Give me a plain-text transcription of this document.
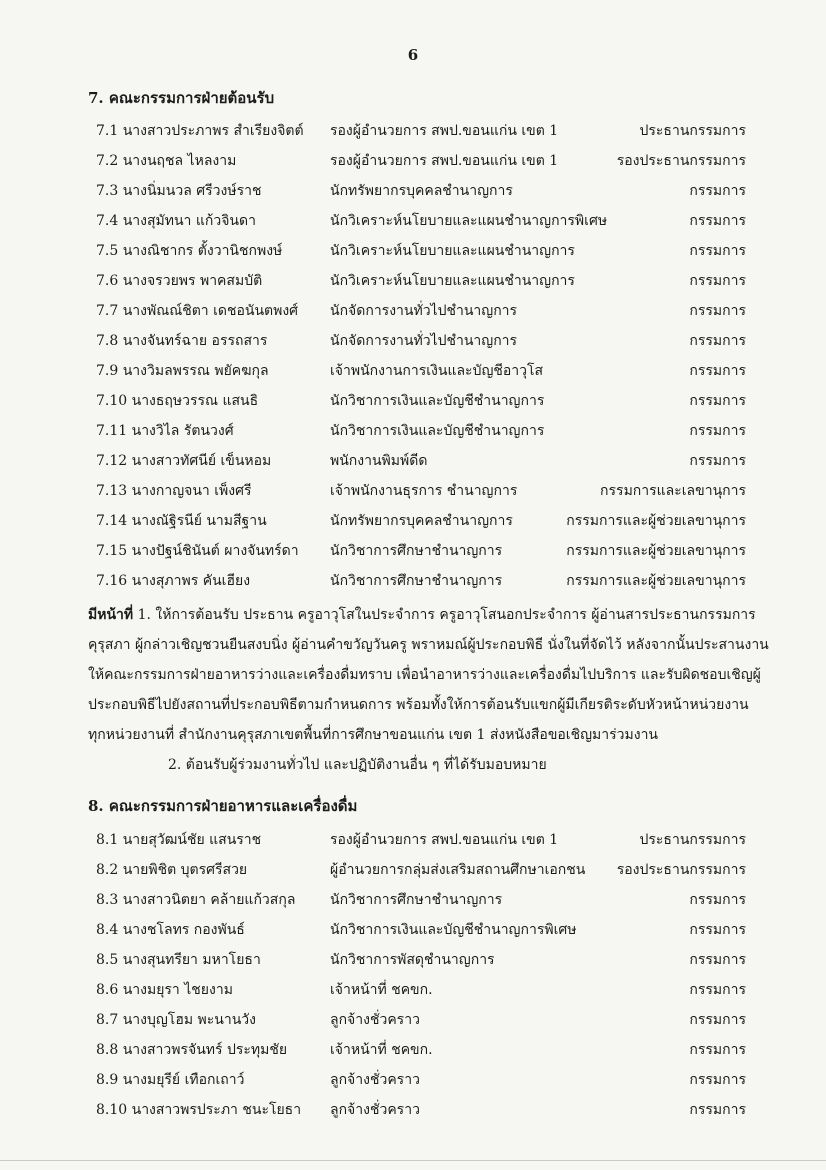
6
7. คณะกรรมการฝ่ายต้อนรับ
7.1 นางสาวประภาพร สำเรียงจิตต์ รองผู้อำนวยการ สพป.ขอนแก่น เขต 1	ประธานกรรมการ
7.2 นางนฤชล ไหลงาม	รองผู้อำนวยการ สพป.ขอนแก่น เขต 1	รองประธานกรรมการ
7.3 นางนิ่มนวล ศรีวงษ์ราช	นักทรัพยากรบุคคลชำนาญการ	กรรมการ
7.4 นางสุมัทนา แก้วจินดา	นักวิเคราะห์นโยบายและแผนชำนาญการพิเศษ	กรรมการ
7.5 นางณิชากร ตั้งวานิชกพงษ์	นักวิเคราะห์นโยบายและแผนชำนาญการ	กรรมการ
7.6 นางจรวยพร พาคสมบัติ	นักวิเคราะห์นโยบายและแผนชำนาญการ	กรรมการ
7.7 นางพัณณ์ชิตา เดชอนันตพงศ์ นักจัดการงานทั่วไปชำนาญการ	กรรมการ
7.8 นางจันทร์ฉาย อรรถสาร	นักจัดการงานทั่วไปชำนาญการ	กรรมการ
7.9 นางวิมลพรรณ พยัคฆกุล	เจ้าพนักงานการเงินและบัญชีอาวุโส	กรรมการ
7.10 นางธฤษวรรณ แสนธิ	นักวิชาการเงินและบัญชีชำนาญการ	กรรมการ
7.11 นางวิไล รัตนวงศ์	นักวิชาการเงินและบัญชีชำนาญการ	กรรมการ
7.12 นางสาวทัศนีย์ เข็นหอม	พนักงานพิมพ์ดีด	กรรมการ
7.13 นางกาญจนา เพ็งศรี	เจ้าพนักงานธุรการ ชำนาญการ	กรรมการและเลขานุการ
7.14 นางณัฐิรนีย์ นามสีฐาน	นักทรัพยากรบุคคลชำนาญการ	กรรมการและผู้ช่วยเลขานุการ
7.15 นางปัฐน์ชินันต์ ผางจันทร์ดา นักวิชาการศึกษาชำนาญการ	กรรมการและผู้ช่วยเลขานุการ
7.16 นางสุภาพร คันเฮียง	นักวิชาการศึกษาชำนาญการ	กรรมการและผู้ช่วยเลขานุการ
มีหน้าที่ 1. ให้การต้อนรับ ประธาน ครูอาวุโสในประจำการ ครูอาวุโสนอกประจำการ ผู้อ่านสารประธานกรรมการ
คุรุสภา ผู้กล่าวเชิญชวนยืนสงบนิ่ง ผู้อ่านคำขวัญวันครู พราหมณ์ผู้ประกอบพิธี นั่งในที่จัดไว้ หลังจากนั้นประสานงาน
ให้คณะกรรมการฝ่ายอาหารว่างและเครื่องดื่มทราบ เพื่อนำอาหารว่างและเครื่องดื่มไปบริการ และรับผิดชอบเชิญผู้
ประกอบพิธีไปยังสถานที่ประกอบพิธีตามกำหนดการ พร้อมทั้งให้การต้อนรับแขกผู้มีเกียรติระดับหัวหน้าหน่วยงาน
ทุกหน่วยงานที่ สำนักงานคุรุสภาเขตพื้นที่การศึกษาขอนแก่น เขต 1 ส่งหนังสือขอเชิญมาร่วมงาน
2. ต้อนรับผู้ร่วมงานทั่วไป และปฏิบัติงานอื่น ๆ ที่ได้รับมอบหมาย
8. คณะกรรมการฝ่ายอาหารและเครื่องดื่ม
8.1 นายสุวัฒน์ชัย แสนราช	รองผู้อำนวยการ สพป.ขอนแก่น เขต 1	ประธานกรรมการ
8.2 นายพิชิต บุตรศรีสวย	ผู้อำนวยการกลุ่มส่งเสริมสถานศึกษาเอกชน รองประธานกรรมการ
8.3 นางสาวนิตยา คล้ายแก้วสกุล นักวิชาการศึกษาชำนาญการ	กรรมการ
8.4 นางชโลทร กองพันธ์	นักวิชาการเงินและบัญชีชำนาญการพิเศษ	กรรมการ
8.5 นางสุนทรียา มหาโยธา	นักวิชาการพัสดุชำนาญการ	กรรมการ
8.6 นางมยุรา ไชยงาม	เจ้าหน้าที่ ชคขก.	กรรมการ
8.7 นางบุญโฮม พะนานวัง	ลูกจ้างชั่วคราว	กรรมการ
8.8 นางสาวพรจันทร์ ประทุมชัย	เจ้าหน้าที่ ชคขก.	กรรมการ
8.9 นางมยุรีย์ เทือกเถาว์	ลูกจ้างชั่วคราว	กรรมการ
8.10 นางสาวพรประภา ชนะโยธา ลูกจ้างชั่วคราว	กรรมการ
